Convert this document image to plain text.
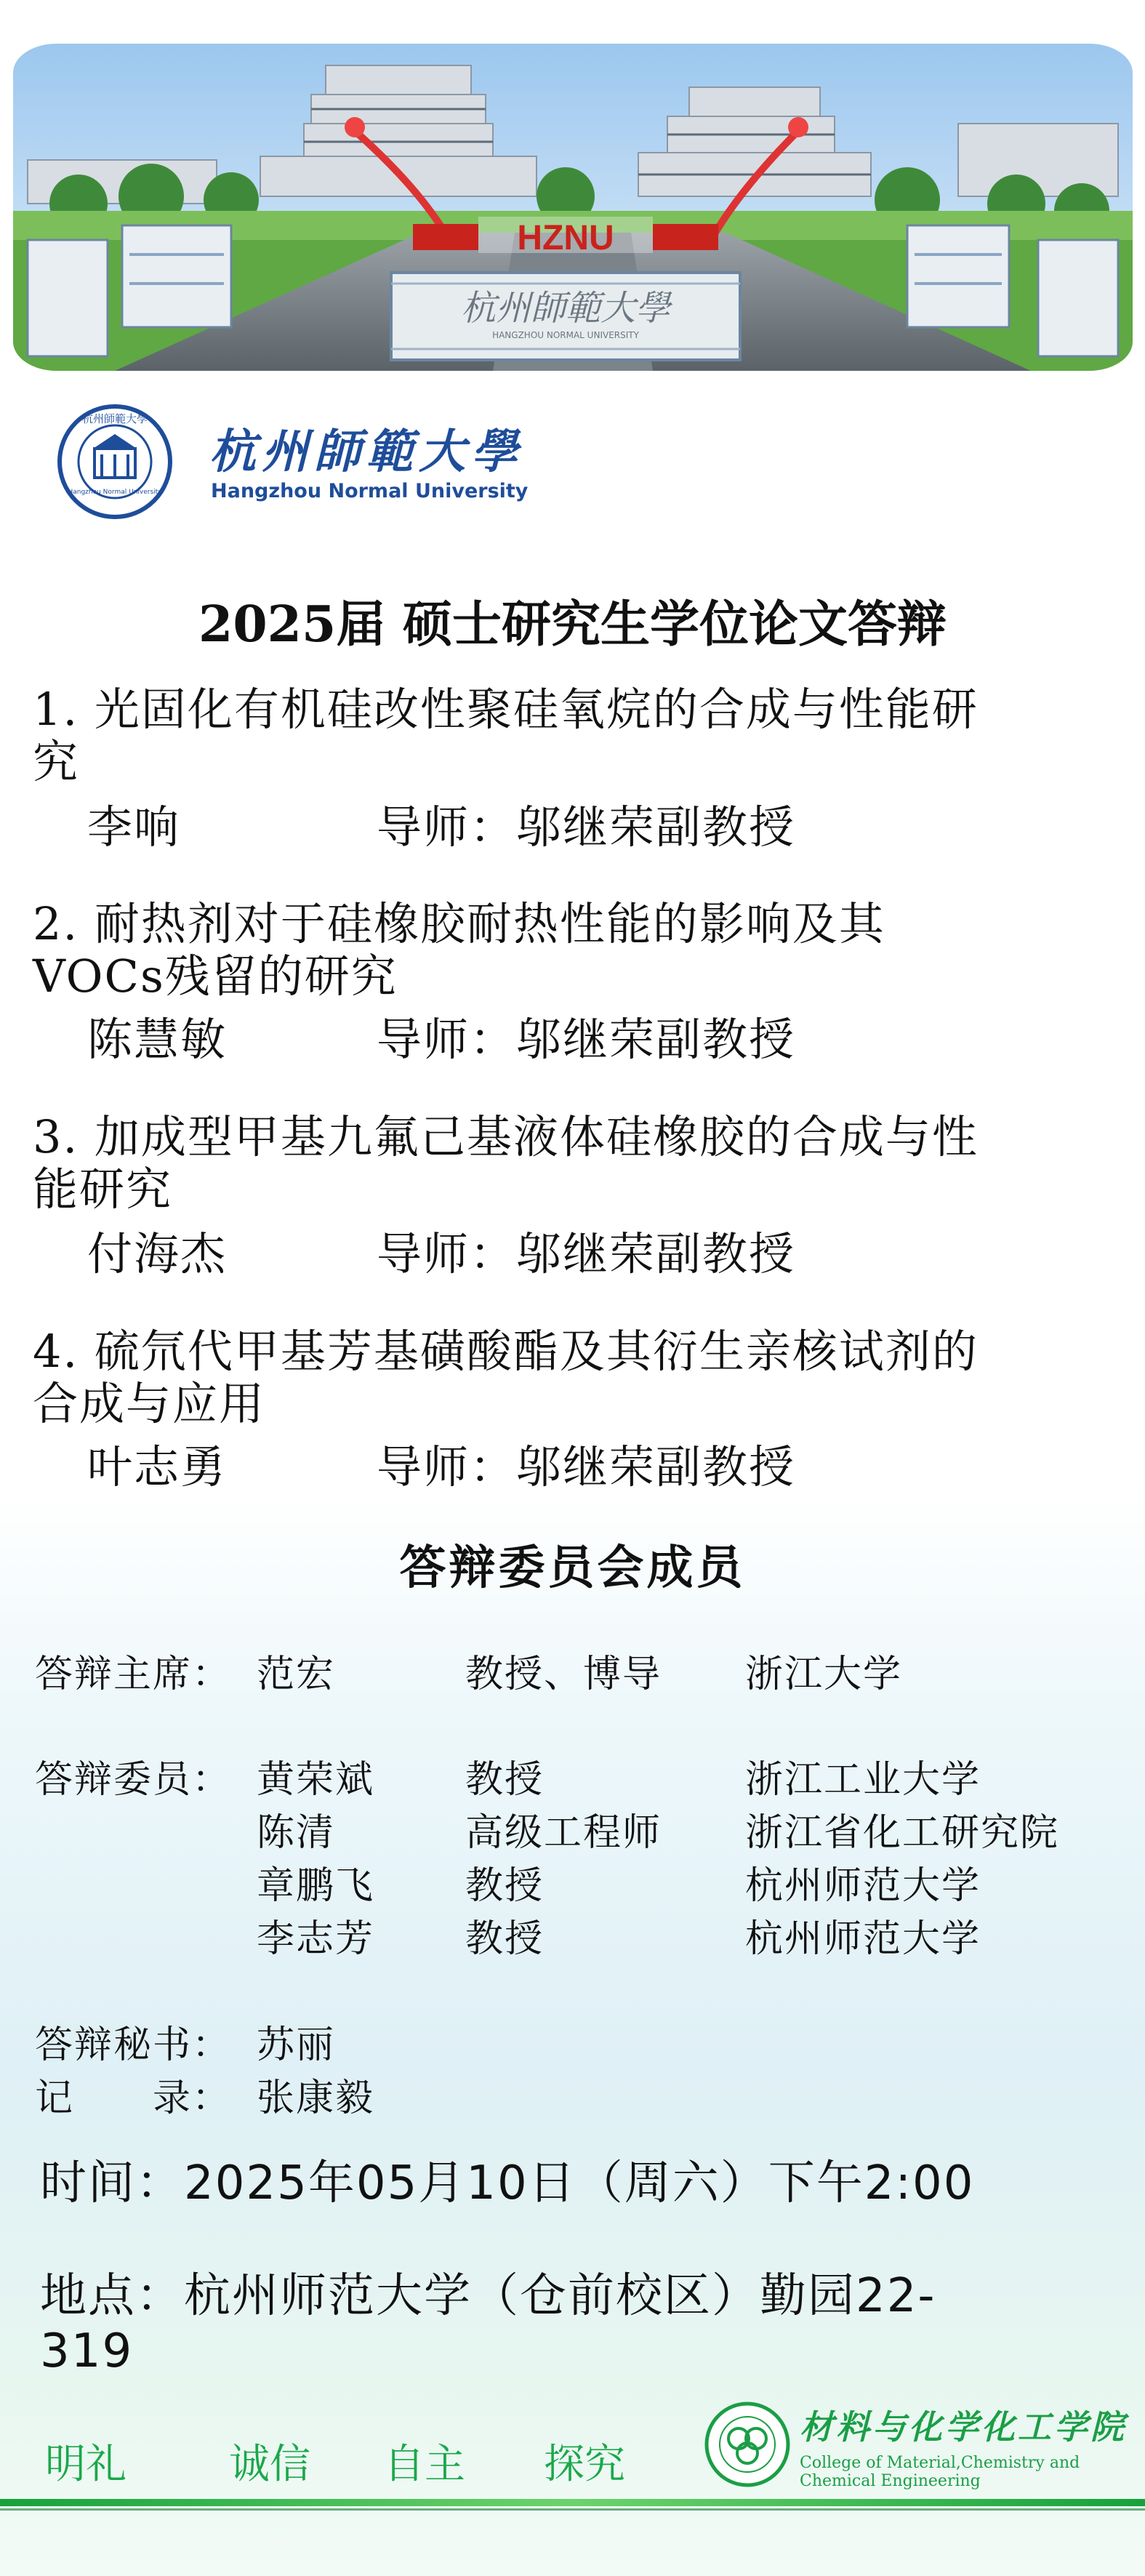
HZNU
杭州師範大學
HANGZHOU NORMAL UNIVERSITY
杭州師範大學
Hangzhou Normal University
杭州師範大學
Hangzhou Normal University
2025届 硕士研究生学位论文答辩
1. 光固化有机硅改性聚硅氧烷的合成与性能研
究
李响	导师：邬继荣副教授
2. 耐热剂对于硅橡胶耐热性能的影响及其
VOCs残留的研究
陈慧敏	导师：邬继荣副教授
3. 加成型甲基九氟己基液体硅橡胶的合成与性
能研究
付海杰	导师：邬继荣副教授
4. 硫氘代甲基芳基磺酸酯及其衍生亲核试剂的
合成与应用
叶志勇	导师：邬继荣副教授
答辩委员会成员
答辩主席： 范宏	教授、博导 浙江大学
答辩委员： 黄荣斌 教授	浙江工业大学
陈清	高级工程师 浙江省化工研究院
章鹏飞 教授	杭州师范大学
李志芳 教授	杭州师范大学
答辩秘书： 苏丽
记　　录： 张康毅
时间：2025年05月10日（周六）下午2:00
地点：杭州师范大学（仓前校区）勤园22-
319
明礼	诚信 自主 探究
材料与化学化工学院
College of Material,Chemistry and Chemical Engineering
